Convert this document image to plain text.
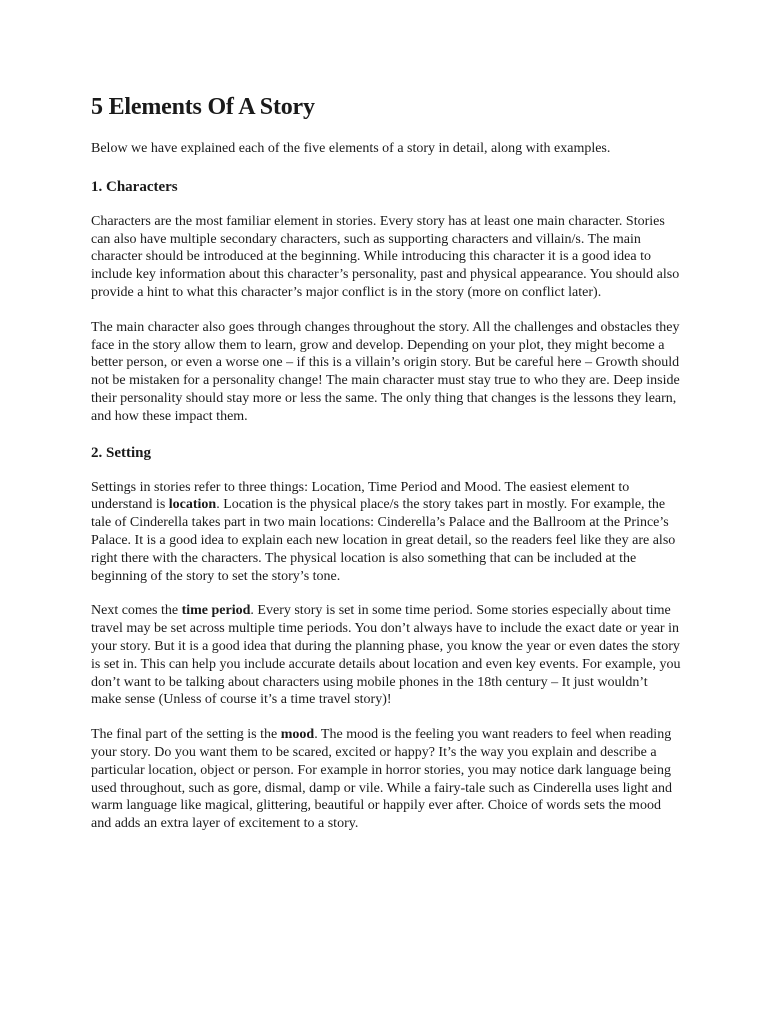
5 Elements Of A Story

Below we have explained each of the five elements of a story in detail, along with examples.

1. Characters

Characters are the most familiar element in stories. Every story has at least one main character. Stories can also have multiple secondary characters, such as supporting characters and villain/s. The main character should be introduced at the beginning. While introducing this character it is a good idea to include key information about this character’s personality, past and physical appearance. You should also provide a hint to what this character’s major conflict is in the story (more on conflict later).

The main character also goes through changes throughout the story. All the challenges and obstacles they face in the story allow them to learn, grow and develop. Depending on your plot, they might become a better person, or even a worse one – if this is a villain’s origin story. But be careful here – Growth should not be mistaken for a personality change! The main character must stay true to who they are. Deep inside their personality should stay more or less the same. The only thing that changes is the lessons they learn, and how these impact them.

2. Setting

Settings in stories refer to three things: Location, Time Period and Mood. The easiest element to understand is location. Location is the physical place/s the story takes part in mostly. For example, the tale of Cinderella takes part in two main locations: Cinderella’s Palace and the Ballroom at the Prince’s Palace. It is a good idea to explain each new location in great detail, so the readers feel like they are also right there with the characters. The physical location is also something that can be included at the beginning of the story to set the story’s tone.

Next comes the time period. Every story is set in some time period. Some stories especially about time travel may be set across multiple time periods. You don’t always have to include the exact date or year in your story. But it is a good idea that during the planning phase, you know the year or even dates the story is set in. This can help you include accurate details about location and even key events. For example, you don’t want to be talking about characters using mobile phones in the 18th century – It just wouldn’t make sense (Unless of course it’s a time travel story)!

The final part of the setting is the mood. The mood is the feeling you want readers to feel when reading your story. Do you want them to be scared, excited or happy? It’s the way you explain and describe a particular location, object or person. For example in horror stories, you may notice dark language being used throughout, such as gore, dismal, damp or vile. While a fairy-tale such as Cinderella uses light and warm language like magical, glittering, beautiful or happily ever after. Choice of words sets the mood and adds an extra layer of excitement to a story.
